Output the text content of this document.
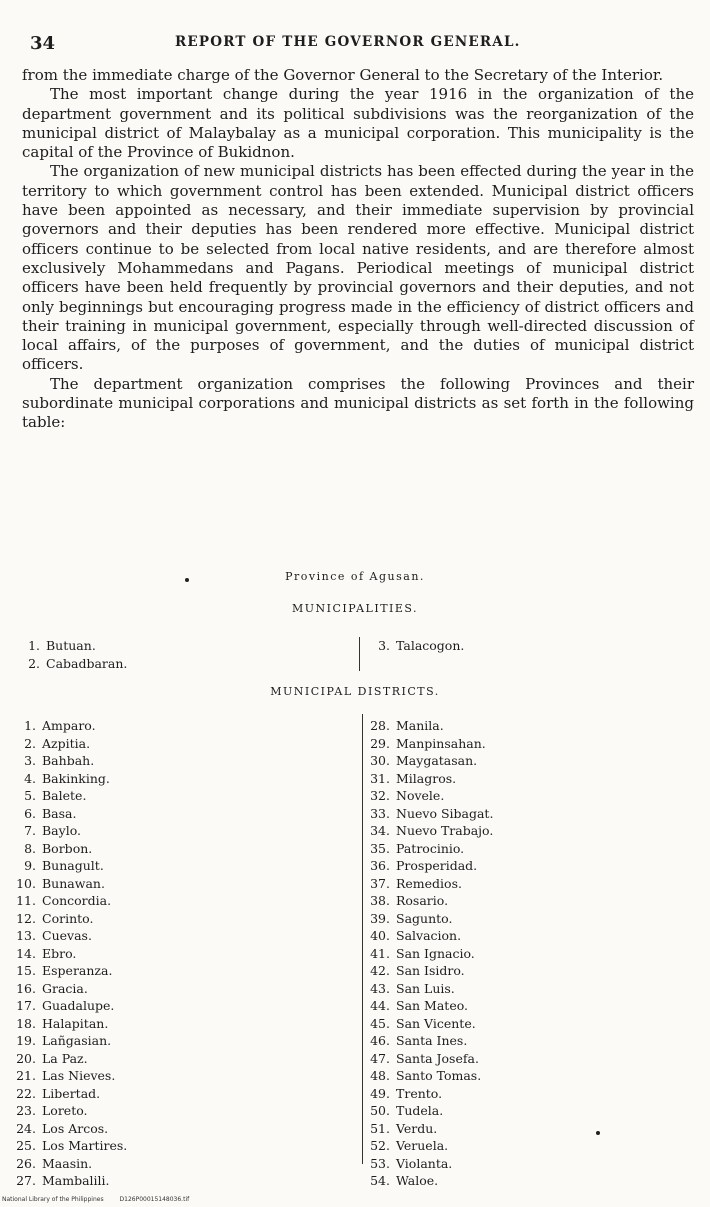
34	REPORT OF THE GOVERNOR GENERAL.

from the immediate charge of the Governor General to the Secretary of the Interior.

The most important change during the year 1916 in the organization of the department government and its political subdivisions was the reorganization of the municipal district of Malaybalay as a municipal corporation. This municipality is the capital of the Province of Bukidnon.

The organization of new municipal districts has been effected during the year in the territory to which government control has been extended. Municipal district officers have been appointed as necessary, and their immediate supervision by provincial governors and their deputies has been rendered more effective. Municipal district officers continue to be selected from local native residents, and are therefore almost exclusively Mohammedans and Pagans. Periodical meetings of municipal district officers have been held frequently by provincial governors and their deputies, and not only beginnings but encouraging progress made in the efficiency of district officers and their training in municipal government, especially through well-directed discussion of local affairs, of the purposes of government, and the duties of municipal district officers.

The department organization comprises the following Provinces and their subordinate municipal corporations and municipal districts as set forth in the following table:

Province of Agusan.
MUNICIPALITIES.
1. Butuan.
2. Cabadbaran.
3. Talacogon.
MUNICIPAL DISTRICTS.
1. Amparo.
2. Azpitia.
3. Bahbah.
4. Bakinking.
5. Balete.
6. Basa.
7. Baylo.
8. Borbon.
9. Bunagult.
10. Bunawan.
11. Concordia.
12. Corinto.
13. Cuevas.
14. Ebro.
15. Esperanza.
16. Gracia.
17. Guadalupe.
18. Halapitan.
19. Lañgasian.
20. La Paz.
21. Las Nieves.
22. Libertad.
23. Loreto.
24. Los Arcos.
25. Los Martires.
26. Maasin.
27. Mambalili.
28. Manila.
29. Manpinsahan.
30. Maygatasan.
31. Milagros.
32. Novele.
33. Nuevo Sibagat.
34. Nuevo Trabajo.
35. Patrocinio.
36. Prosperidad.
37. Remedios.
38. Rosario.
39. Sagunto.
40. Salvacion.
41. San Ignacio.
42. San Isidro.
43. San Luis.
44. San Mateo.
45. San Vicente.
46. Santa Ines.
47. Santa Josefa.
48. Santo Tomas.
49. Trento.
50. Tudela.
51. Verdu.
52. Veruela.
53. Violanta.
54. Waloe.
National Library of the Philippines	D126P00015148036.tif
